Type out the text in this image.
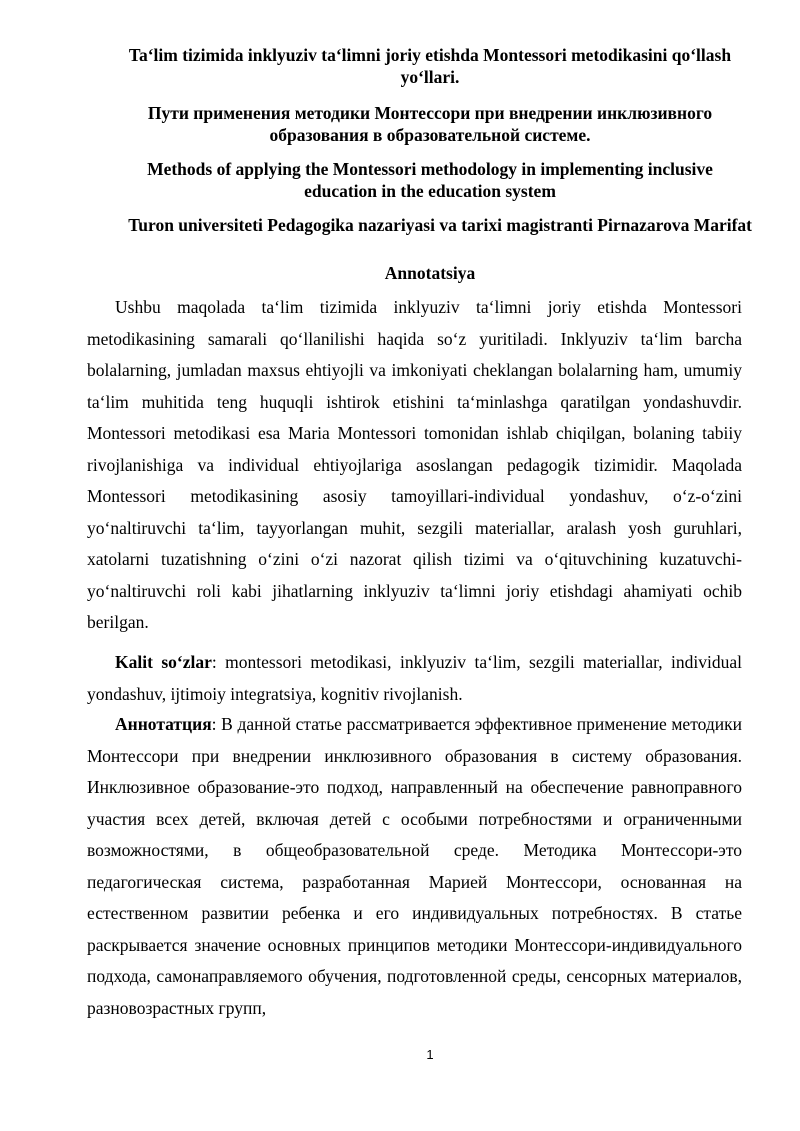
Ta‘lim tizimida inklyuziv ta‘limni joriy etishda Montessori metodikasini qo‘llash yo‘llari.
Пути применения методики Монтессори при внедрении инклюзивного образования в образовательной системе.
Methods of applying the Montessori methodology in implementing inclusive education in the education system
Turon universiteti Pedagogika nazariyasi va tarixi magistranti Pirnazarova Marifat
Annotatsiya

Ushbu maqolada ta‘lim tizimida inklyuziv ta‘limni joriy etishda Montessori metodikasining samarali qo‘llanilishi haqida so‘z yuritiladi. Inklyuziv ta‘lim barcha bolalarning, jumladan maxsus ehtiyojli va imkoniyati cheklangan bolalarning ham, umumiy ta‘lim muhitida teng huquqli ishtirok etishini ta‘minlashga qaratilgan yondashuvdir. Montessori metodikasi esa Maria Montessori tomonidan ishlab chiqilgan, bolaning tabiiy rivojlanishiga va individual ehtiyojlariga asoslangan pedagogik tizimidir. Maqolada Montessori metodikasining asosiy tamoyillari-individual yondashuv, o‘z-o‘zini yo‘naltiruvchi ta‘lim, tayyorlangan muhit, sezgili materiallar, aralash yosh guruhlari, xatolarni tuzatishning o‘zini o‘zi nazorat qilish tizimi va o‘qituvchining kuzatuvchi-yo‘naltiruvchi roli kabi jihatlarning inklyuziv ta‘limni joriy etishdagi ahamiyati ochib berilgan.

Kalit so‘zlar: montessori metodikasi, inklyuziv ta‘lim, sezgili materiallar, individual yondashuv, ijtimoiy integratsiya, kognitiv rivojlanish.

Аннотатция: В данной статье рассматривается эффективное применение методики Монтессори при внедрении инклюзивного образования в систему образования. Инклюзивное образование-это подход, направленный на обеспечение равноправного участия всех детей, включая детей с особыми потребностями и ограниченными возможностями, в общеобразовательной среде. Методика Монтессори-это педагогическая система, разработанная Марией Монтессори, основанная на естественном развитии ребенка и его индивидуальных потребностях. В статье раскрывается значение основных принципов методики Монтессори-индивидуального подхода, самонаправляемого обучения, подготовленной среды, сенсорных материалов, разновозрастных групп,

1
